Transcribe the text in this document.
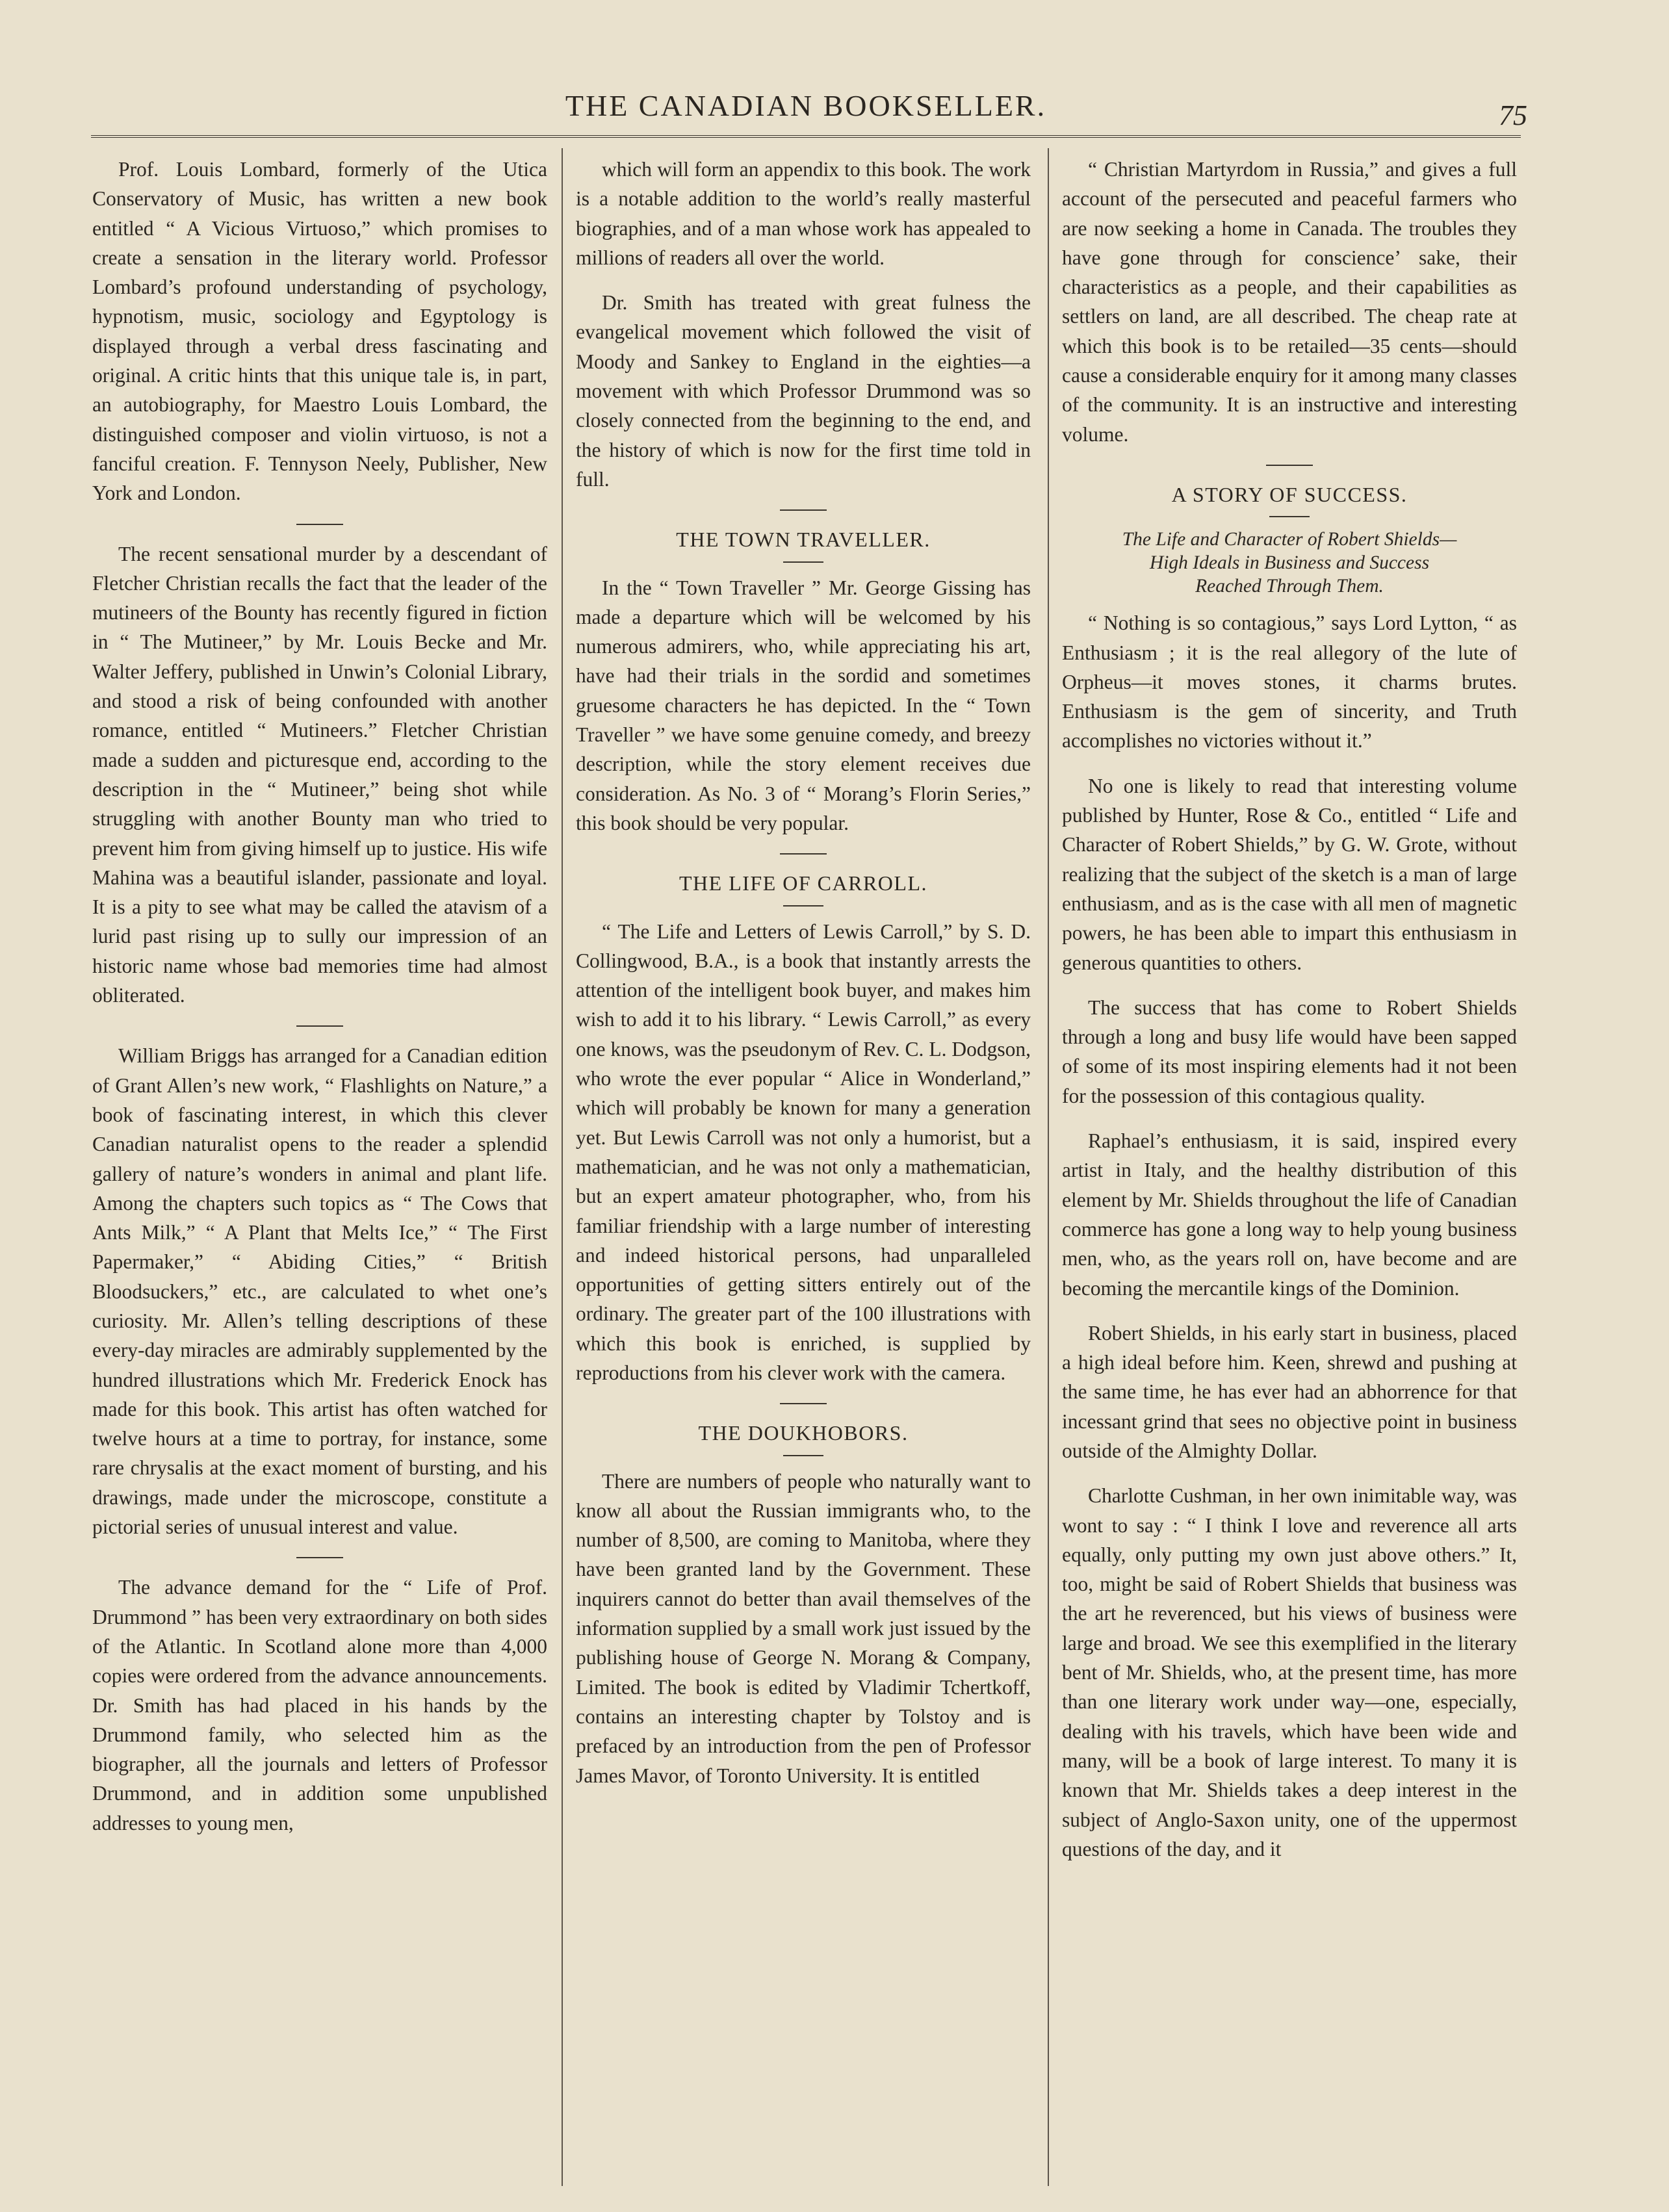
THE CANADIAN BOOKSELLER.	75

Prof. Louis Lombard, formerly of the Utica Conservatory of Music, has written a new book entitled “ A Vicious Virtuoso,” which promises to create a sensation in the literary world. Professor Lombard’s profound understanding of psychology, hypnotism, music, sociology and Egyptology is displayed through a verbal dress fascinating and original. A critic hints that this unique tale is, in part, an autobiography, for Maestro Louis Lombard, the distinguished composer and violin virtuoso, is not a fanciful creation. F. Tennyson Neely, Publisher, New York and London.

The recent sensational murder by a descendant of Fletcher Christian recalls the fact that the leader of the mutineers of the Bounty has recently figured in fiction in “ The Mutineer,” by Mr. Louis Becke and Mr. Walter Jeffery, published in Unwin’s Colonial Library, and stood a risk of being confounded with another romance, entitled “ Mutineers.” Fletcher Christian made a sudden and picturesque end, according to the description in the “ Mutineer,” being shot while struggling with another Bounty man who tried to prevent him from giving himself up to justice. His wife Mahina was a beautiful islander, passionate and loyal. It is a pity to see what may be called the atavism of a lurid past rising up to sully our impression of an historic name whose bad memories time had almost obliterated.

William Briggs has arranged for a Canadian edition of Grant Allen’s new work, “ Flashlights on Nature,” a book of fascinating interest, in which this clever Canadian naturalist opens to the reader a splendid gallery of nature’s wonders in animal and plant life. Among the chapters such topics as “ The Cows that Ants Milk,” “ A Plant that Melts Ice,” “ The First Papermaker,” “ Abiding Cities,” “ British Bloodsuckers,” etc., are calculated to whet one’s curiosity. Mr. Allen’s telling descriptions of these every-day miracles are admirably supplemented by the hundred illustrations which Mr. Frederick Enock has made for this book. This artist has often watched for twelve hours at a time to portray, for instance, some rare chrysalis at the exact moment of bursting, and his drawings, made under the microscope, constitute a pictorial series of unusual interest and value.

The advance demand for the “ Life of Prof. Drummond ” has been very extraordinary on both sides of the Atlantic. In Scotland alone more than 4,000 copies were ordered from the advance announcements. Dr. Smith has had placed in his hands by the Drummond family, who selected him as the biographer, all the journals and letters of Professor Drummond, and in addition some unpublished addresses to young men,

which will form an appendix to this book. The work is a notable addition to the world’s really masterful biographies, and of a man whose work has appealed to millions of readers all over the world.

Dr. Smith has treated with great fulness the evangelical movement which followed the visit of Moody and Sankey to England in the eighties—a movement with which Professor Drummond was so closely connected from the beginning to the end, and the history of which is now for the first time told in full.

THE TOWN TRAVELLER.

In the “ Town Traveller ” Mr. George Gissing has made a departure which will be welcomed by his numerous admirers, who, while appreciating his art, have had their trials in the sordid and sometimes gruesome characters he has depicted. In the “ Town Traveller ” we have some genuine comedy, and breezy description, while the story element receives due consideration. As No. 3 of “ Morang’s Florin Series,” this book should be very popular.

THE LIFE OF CARROLL.

“ The Life and Letters of Lewis Carroll,” by S. D. Collingwood, B.A., is a book that instantly arrests the attention of the intelligent book buyer, and makes him wish to add it to his library. “ Lewis Carroll,” as every one knows, was the pseudonym of Rev. C. L. Dodgson, who wrote the ever popular “ Alice in Wonderland,” which will probably be known for many a generation yet. But Lewis Carroll was not only a humorist, but a mathematician, and he was not only a mathematician, but an expert amateur photographer, who, from his familiar friendship with a large number of interesting and indeed historical persons, had unparalleled opportunities of getting sitters entirely out of the ordinary. The greater part of the 100 illustrations with which this book is enriched, is supplied by reproductions from his clever work with the camera.

THE DOUKHOBORS.

There are numbers of people who naturally want to know all about the Russian immigrants who, to the number of 8,500, are coming to Manitoba, where they have been granted land by the Government. These inquirers cannot do better than avail themselves of the information supplied by a small work just issued by the publishing house of George N. Morang & Company, Limited. The book is edited by Vladimir Tchertkoff, contains an interesting chapter by Tolstoy and is prefaced by an introduction from the pen of Professor James Mavor, of Toronto University. It is entitled

“ Christian Martyrdom in Russia,” and gives a full account of the persecuted and peaceful farmers who are now seeking a home in Canada. The troubles they have gone through for conscience’ sake, their characteristics as a people, and their capabilities as settlers on land, are all described. The cheap rate at which this book is to be retailed—35 cents—should cause a considerable enquiry for it among many classes of the community. It is an instructive and interesting volume.

A STORY OF SUCCESS.
The Life and Character of Robert Shields—
High Ideals in Business and Success
Reached Through Them.

“ Nothing is so contagious,” says Lord Lytton, “ as Enthusiasm ; it is the real allegory of the lute of Orpheus—it moves stones, it charms brutes. Enthusiasm is the gem of sincerity, and Truth accomplishes no victories without it.”

No one is likely to read that interesting volume published by Hunter, Rose & Co., entitled “ Life and Character of Robert Shields,” by G. W. Grote, without realizing that the subject of the sketch is a man of large enthusiasm, and as is the case with all men of magnetic powers, he has been able to impart this enthusiasm in generous quantities to others.

The success that has come to Robert Shields through a long and busy life would have been sapped of some of its most inspiring elements had it not been for the possession of this contagious quality.

Raphael’s enthusiasm, it is said, inspired every artist in Italy, and the healthy distribution of this element by Mr. Shields throughout the life of Canadian commerce has gone a long way to help young business men, who, as the years roll on, have become and are becoming the mercantile kings of the Dominion.

Robert Shields, in his early start in business, placed a high ideal before him. Keen, shrewd and pushing at the same time, he has ever had an abhorrence for that incessant grind that sees no objective point in business outside of the Almighty Dollar.

Charlotte Cushman, in her own inimitable way, was wont to say : “ I think I love and reverence all arts equally, only putting my own just above others.” It, too, might be said of Robert Shields that business was the art he reverenced, but his views of business were large and broad. We see this exemplified in the literary bent of Mr. Shields, who, at the present time, has more than one literary work under way—one, especially, dealing with his travels, which have been wide and many, will be a book of large interest. To many it is known that Mr. Shields takes a deep interest in the subject of Anglo-Saxon unity, one of the uppermost questions of the day, and it
